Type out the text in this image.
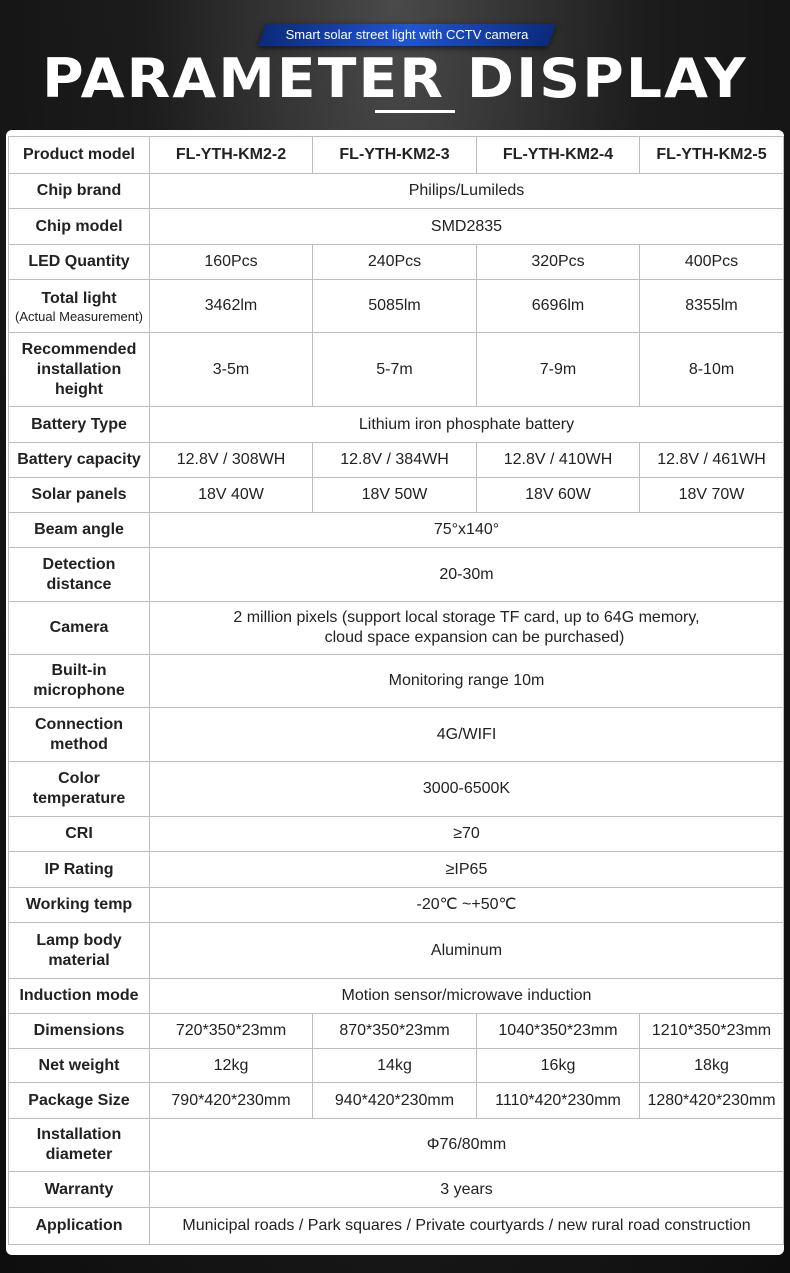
Smart solar street light with CCTV camera
PARAMETER DISPLAY
Product model	FL-YTH-KM2-2	FL-YTH-KM2-3	FL-YTH-KM2-4	FL-YTH-KM2-5
Chip brand	Philips/Lumileds			
Chip model	SMD2835			
LED Quantity	160Pcs	240Pcs	320Pcs	400Pcs
Total light
(Actual Measurement)	3462lm	5085lm	6696lm	8355lm
Recommended installation height	3-5m	5-7m	7-9m	8-10m
Battery Type	Lithium iron phosphate battery			
Battery capacity	12.8V / 308WH	12.8V / 384WH	12.8V / 410WH	12.8V / 461WH
Solar panels	18V 40W	18V 50W	18V 60W	18V 70W
Beam angle	75°x140°			
Detection distance	20-30m			
Camera	2 million pixels (support local storage TF card, up to 64G memory,
cloud space expansion can be purchased)			

Built-in microphone	Monitoring range 10m			
Connection method	4G/WIFI			
Color temperature	3000-6500K			
CRI	≥70			
IP Rating	≥IP65			
Working temp	-20℃ ~+50℃			
Lamp body material	Aluminum			
Induction mode	Motion sensor/microwave induction			
Dimensions	720*350*23mm	870*350*23mm	1040*350*23mm	1210*350*23mm
Net weight	12kg	14kg	16kg	18kg
Package Size	790*420*230mm	940*420*230mm	1110*420*230mm	1280*420*230mm
Installation diameter	Φ76/80mm			
Warranty	3 years			
Application	Municipal roads / Park squares / Private courtyards / new rural road construction			
